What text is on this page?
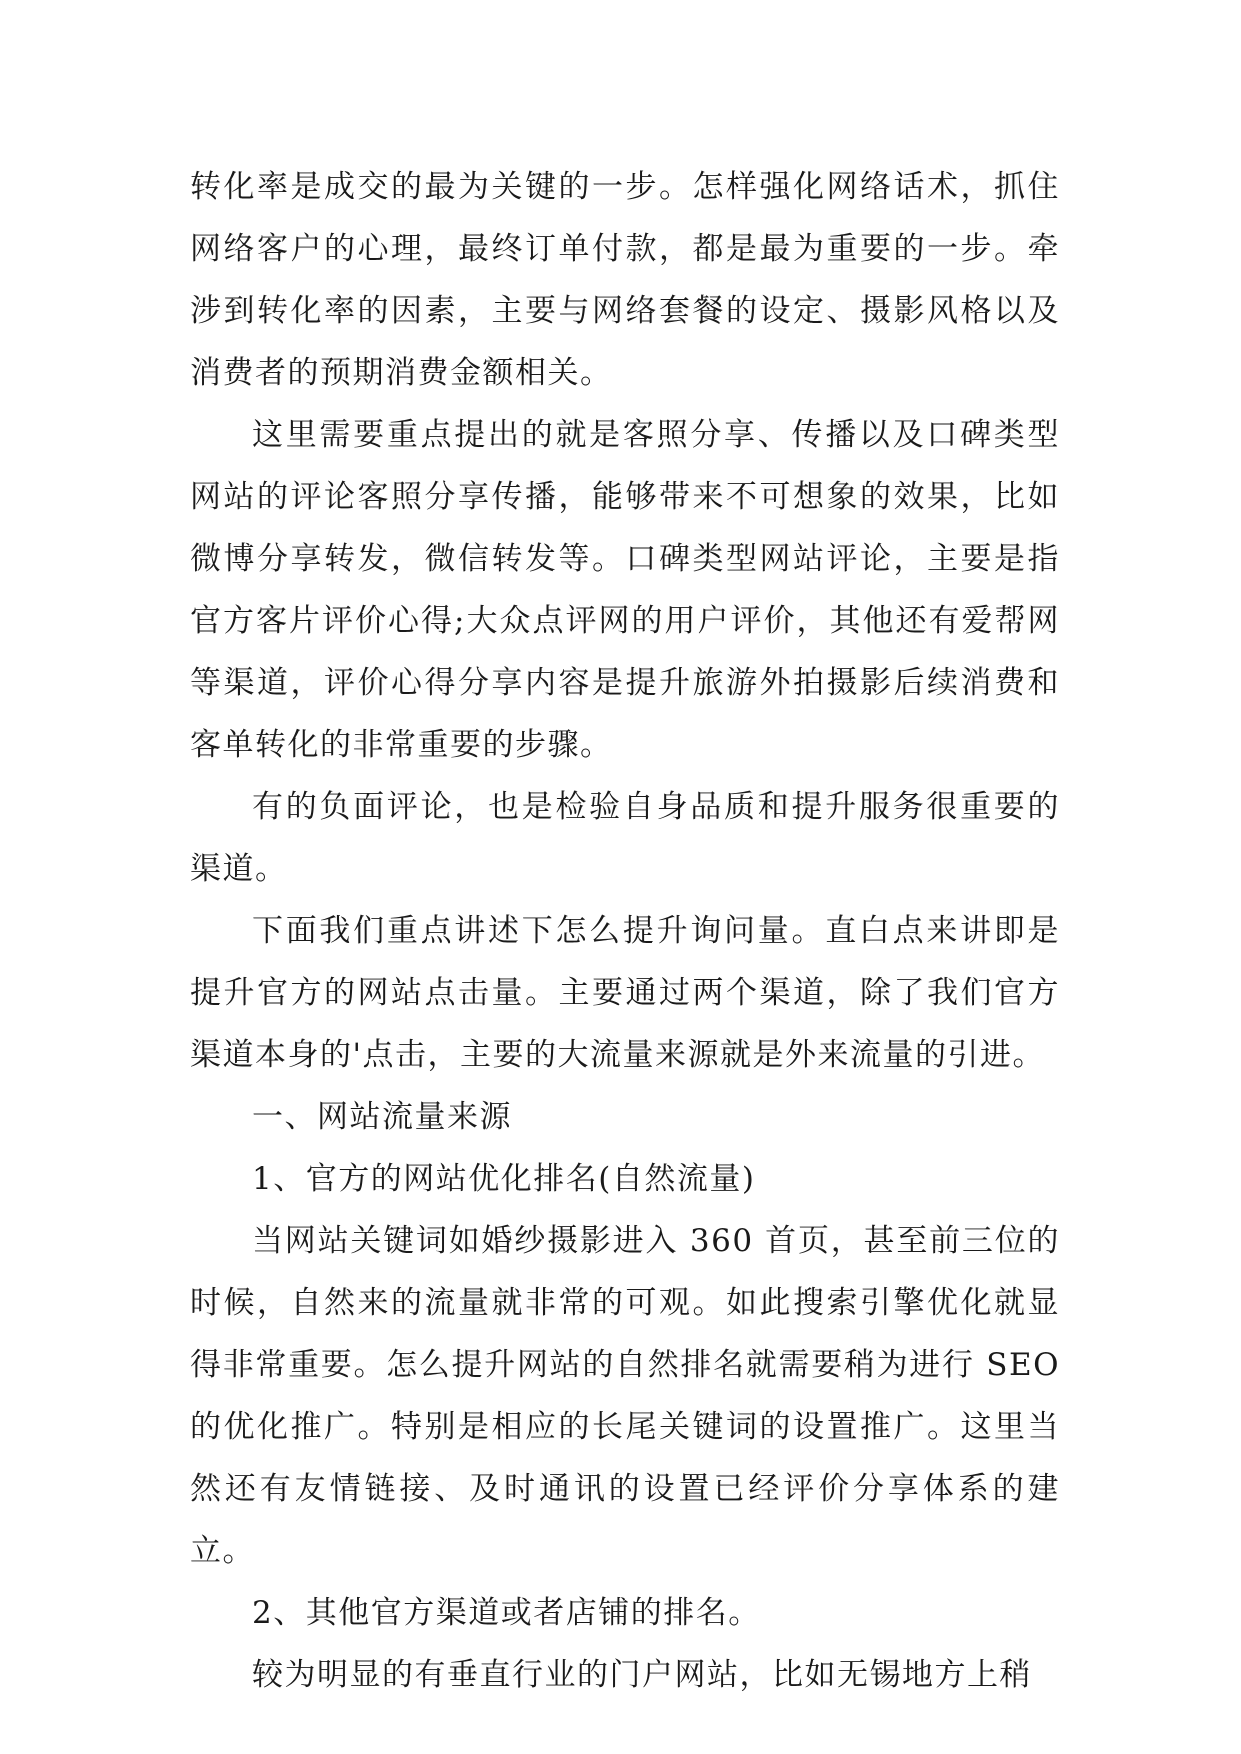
转化率是成交的最为关键的一步。怎样强化网络话术，抓住网络客户的心理，最终订单付款，都是最为重要的一步。牵涉到转化率的因素，主要与网络套餐的设定、摄影风格以及消费者的预期消费金额相关。

这里需要重点提出的就是客照分享、传播以及口碑类型网站的评论客照分享传播，能够带来不可想象的效果，比如微博分享转发，微信转发等。口碑类型网站评论，主要是指官方客片评价心得;大众点评网的用户评价，其他还有爱帮网等渠道，评价心得分享内容是提升旅游外拍摄影后续消费和客单转化的非常重要的步骤。

有的负面评论，也是检验自身品质和提升服务很重要的渠道。

下面我们重点讲述下怎么提升询问量。直白点来讲即是提升官方的网站点击量。主要通过两个渠道，除了我们官方渠道本身的'点击，主要的大流量来源就是外来流量的引进。

一、网站流量来源

1、官方的网站优化排名(自然流量)

当网站关键词如婚纱摄影进入 360 首页，甚至前三位的时候，自然来的流量就非常的可观。如此搜索引擎优化就显得非常重要。怎么提升网站的自然排名就需要稍为进行 SEO 的优化推广。特别是相应的长尾关键词的设置推广。这里当然还有友情链接、及时通讯的设置已经评价分享体系的建立。

2、其他官方渠道或者店铺的排名。

较为明显的有垂直行业的门户网站，比如无锡地方上稍
